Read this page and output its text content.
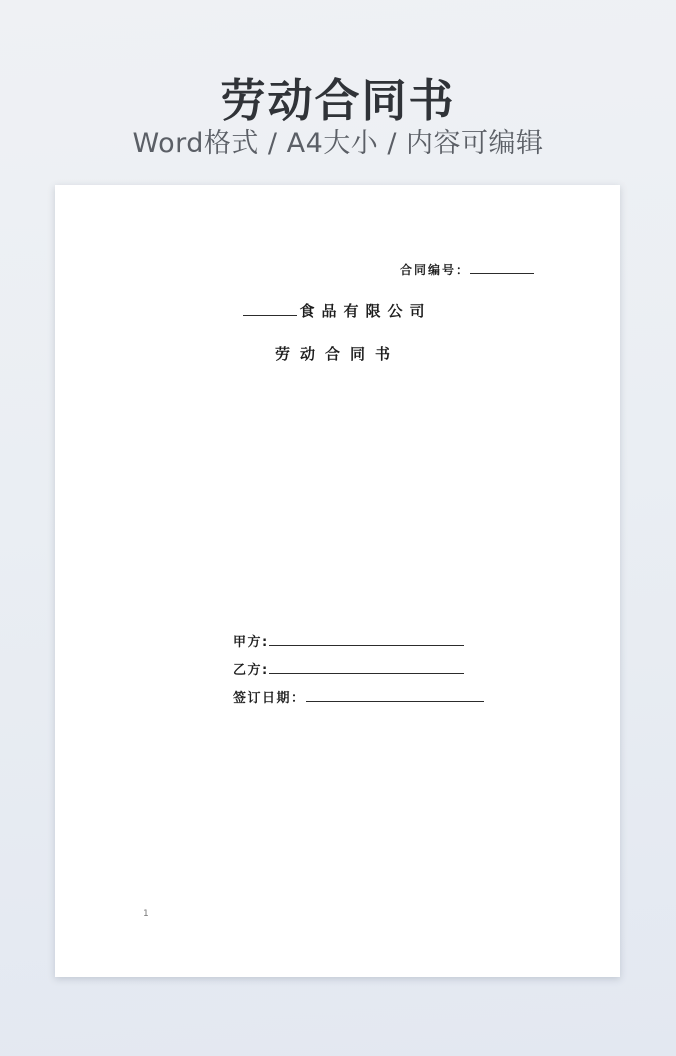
劳动合同书
Word格式 / A4大小 / 内容可编辑
合同编号：
食品有限公司
劳动合同书
甲方:
乙方:
签订日期：
1
